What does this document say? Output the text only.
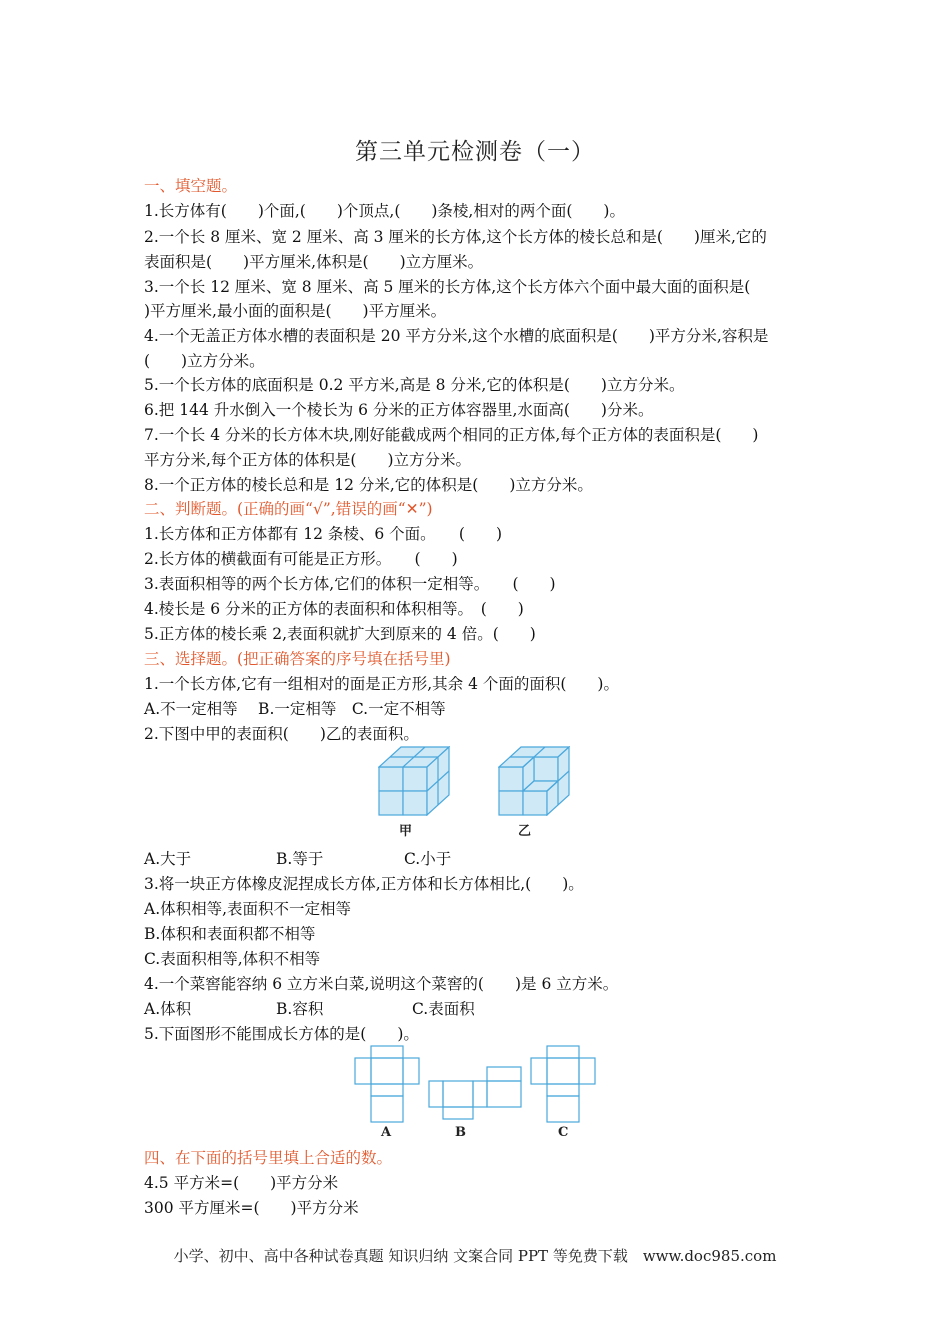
第三单元检测卷（一）
一、填空题。
1.长方体有(　　)个面,(　　)个顶点,(　　)条棱,相对的两个面(　　)。
2.一个长 8 厘米、宽 2 厘米、高 3 厘米的长方体,这个长方体的棱长总和是(　　)厘米,它的
表面积是(　　)平方厘米,体积是(　　)立方厘米。
3.一个长 12 厘米、宽 8 厘米、高 5 厘米的长方体,这个长方体六个面中最大面的面积是(
)平方厘米,最小面的面积是(　　)平方厘米。
4.一个无盖正方体水槽的表面积是 20 平方分米,这个水槽的底面积是(　　)平方分米,容积是
(　　)立方分米。
5.一个长方体的底面积是 0.2 平方米,高是 8 分米,它的体积是(　　)立方分米。
6.把 144 升水倒入一个棱长为 6 分米的正方体容器里,水面高(　　)分米。
7.一个长 4 分米的长方体木块,刚好能截成两个相同的正方体,每个正方体的表面积是(　　)
平方分米,每个正方体的体积是(　　)立方分米。
8.一个正方体的棱长总和是 12 分米,它的体积是(　　)立方分米。
二、判断题。(正确的画“√”,错误的画“✕”)
1.长方体和正方体都有 12 条棱、6 个面。　　(　　)
2.长方体的横截面有可能是正方形。　　(　　)
3.表面积相等的两个长方体,它们的体积一定相等。　　(　　)
4.棱长是 6 分米的正方体的表面积和体积相等。　(　　)
5.正方体的棱长乘 2,表面积就扩大到原来的 4 倍。(　　)
三、选择题。(把正确答案的序号填在括号里)
1.一个长方体,它有一组相对的面是正方形,其余 4 个面的面积(　　)。
A.不一定相等　 B.一定相等　C.一定不相等
2.下图中甲的表面积(　　)乙的表面积。
甲	乙
A.大于	B.等于	C.小于
3.将一块正方体橡皮泥捏成长方体,正方体和长方体相比,(　　)。
A.体积相等,表面积不一定相等
B.体积和表面积都不相等
C.表面积相等,体积不相等
4.一个菜窖能容纳 6 立方米白菜,说明这个菜窖的(　　)是 6 立方米。
A.体积	B.容积	C.表面积
5.下面图形不能围成长方体的是(　　)。
A	B	C
四、在下面的括号里填上合适的数。
4.5 平方米=(　　)平方分米
300 平方厘米=(　　)平方分米
小学、初中、高中各种试卷真题 知识归纳 文案合同 PPT 等免费下载　www.doc985.com
